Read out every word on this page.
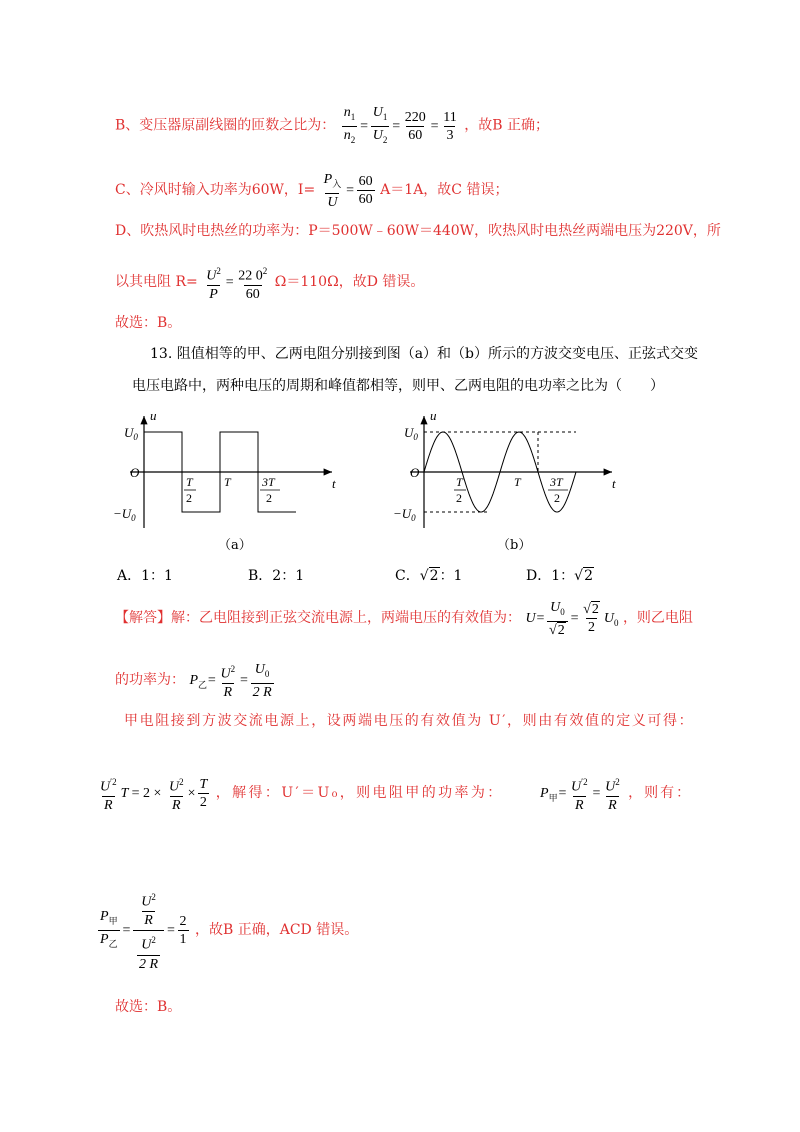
B、变压器原副线圈的匝数之比为： $\frac{n_1}{n_2} = \frac{U_1}{U_2} = \frac{220}{60} = \frac{11}{3}$ ，故B 正确；
C、冷风时输入功率为60W，$I= \frac{P_入}{U} = \frac{60}{60} A=1A$，故C 错误；
D、吹热风时电热丝的功率为：P＝500W﹣60W＝440W，吹热风时电热丝两端电压为220V，所
以其电阻 $R= \frac{U^2}{P} = \frac{22 0^2}{60} \Omega=110\Omega$，故D 错误。
故选：B。
13. 阻值相等的甲、乙两电阻分别接到图（a）和（b）所示的方波交变电压、正弦式交变
电压电路中，两种电压的周期和峰值都相等，则甲、乙两电阻的电功率之比为（　　）
u
t
O
$U_0$
$-U_0$
T
2
T	3T
2
（a）
u
t
O
$U_0$
$-U_0$
T
2
T 3T
2
（b）
A．1：1	B．2：1	C．√2：1	D．1：√2
【解答】解：乙电阻接到正弦交流电源上，两端电压的有效值为： $U= \frac{U_0}{√2} = \frac{√2}{2} U_0$ ，则乙电阻
的功率为： $P_乙= \frac{U^2}{R} = \frac{U_0}{2 R}$
甲电阻接到方波交流电源上，设两端电压的有效值为 U′，则由有效值的定义可得：
$\frac{U^{'2}}{R}$ $T = 2 \times \frac{U^2}{R} \times \frac{T}{2}$ ，解得：U′＝U₀，则电阻甲的功率为：	$P_甲= \frac{U^{'2}}{R} = \frac{U^2}{R}$ ，则有：
$\frac{P_甲}{P_乙} = \frac{\frac{U^2}{R}}{\frac{U^2}{2 R}} = \frac{2}{1}$ ，故B 正确，ACD 错误。
故选：B。
